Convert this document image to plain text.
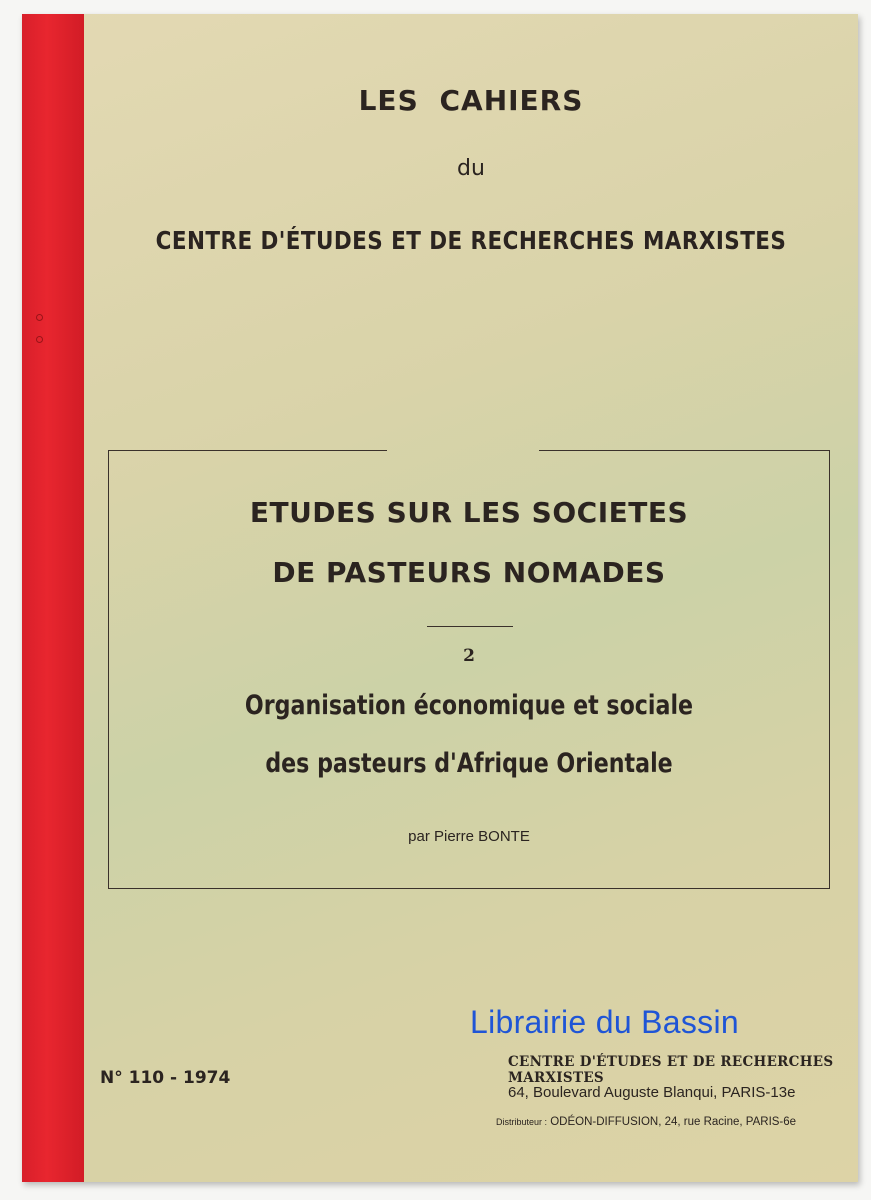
LES CAHIERS

du

CENTRE D'ÉTUDES ET DE RECHERCHES MARXISTES

ETUDES SUR LES SOCIETES

DE PASTEURS NOMADES

2

Organisation économique et sociale

des pasteurs d'Afrique Orientale

par Pierre BONTE

N° 110 - 1974

Librairie du Bassin

CENTRE D'ÉTUDES ET DE RECHERCHES MARXISTES

64, Boulevard Auguste Blanqui, PARIS-13e

Distributeur : ODÉON-DIFFUSION, 24, rue Racine, PARIS-6e
